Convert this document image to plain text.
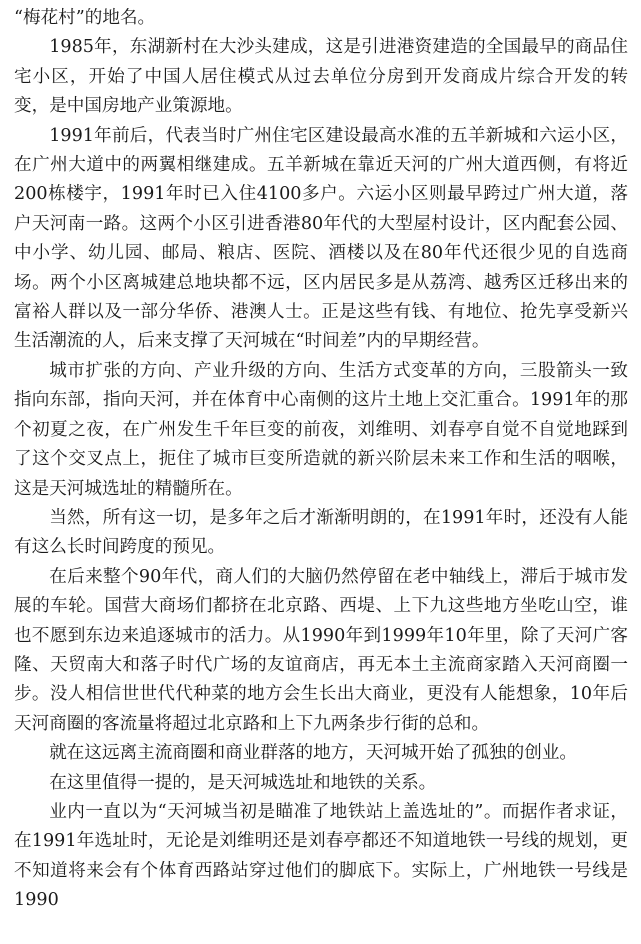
“梅花村”的地名。

1985年，东湖新村在大沙头建成，这是引进港资建造的全国最早的商品住宅小区，开始了中国人居住模式从过去单位分房到开发商成片综合开发的转变，是中国房地产业策源地。

1991年前后，代表当时广州住宅区建设最高水准的五羊新城和六运小区，在广州大道中的两翼相继建成。五羊新城在靠近天河的广州大道西侧，有将近200栋楼宇，1991年时已入住4100多户。六运小区则最早跨过广州大道，落户天河南一路。这两个小区引进香港80年代的大型屋村设计，区内配套公园、中小学、幼儿园、邮局、粮店、医院、酒楼以及在80年代还很少见的自选商场。两个小区离城建总地块都不远，区内居民多是从荔湾、越秀区迁移出来的富裕人群以及一部分华侨、港澳人士。正是这些有钱、有地位、抢先享受新兴生活潮流的人，后来支撑了天河城在“时间差”内的早期经营。

城市扩张的方向、产业升级的方向、生活方式变革的方向，三股箭头一致指向东部，指向天河，并在体育中心南侧的这片土地上交汇重合。1991年的那个初夏之夜，在广州发生千年巨变的前夜，刘维明、刘春亭自觉不自觉地踩到了这个交叉点上，扼住了城市巨变所造就的新兴阶层未来工作和生活的咽喉，这是天河城选址的精髓所在。

当然，所有这一切，是多年之后才渐渐明朗的，在1991年时，还没有人能有这么长时间跨度的预见。

在后来整个90年代，商人们的大脑仍然停留在老中轴线上，滞后于城市发展的车轮。国营大商场们都挤在北京路、西堤、上下九这些地方坐吃山空，谁也不愿到东边来追逐城市的活力。从1990年到1999年10年里，除了天河广客隆、天贸南大和落子时代广场的友谊商店，再无本土主流商家踏入天河商圈一步。没人相信世世代代种菜的地方会生长出大商业，更没有人能想象，10年后天河商圈的客流量将超过北京路和上下九两条步行街的总和。

就在这远离主流商圈和商业群落的地方，天河城开始了孤独的创业。

在这里值得一提的，是天河城选址和地铁的关系。

业内一直以为“天河城当初是瞄准了地铁站上盖选址的”。而据作者求证，在1991年选址时，无论是刘维明还是刘春亭都还不知道地铁一号线的规划，更不知道将来会有个体育西路站穿过他们的脚底下。实际上，广州地铁一号线是1990
